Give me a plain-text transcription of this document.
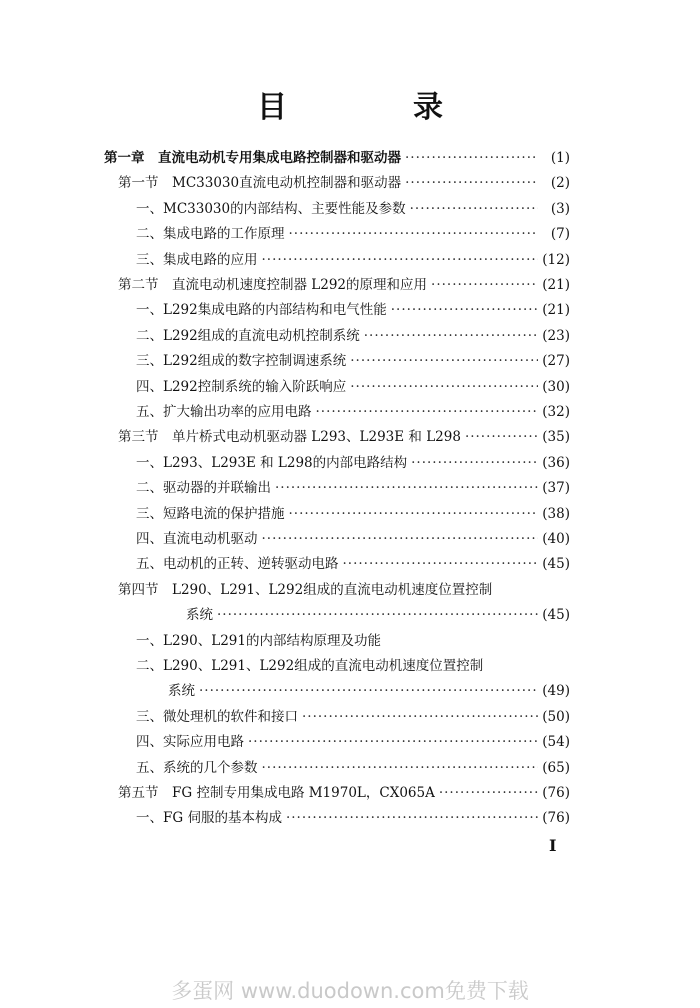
目　录
第一章　直流电动机专用集成电路控制器和驱动器 ·····	(1)
第一节　MC33030直流电动机控制器和驱动器 ·····	(2)
一、MC33030的内部结构、主要性能及参数 ·····	(3)
二、集成电路的工作原理 ·····	(7)
三、集成电路的应用 ·····	(12)
第二节　直流电动机速度控制器 L292的原理和应用 ·····	(21)
一、L292集成电路的内部结构和电气性能 ·····	(21)
二、L292组成的直流电动机控制系统 ·····	(23)
三、L292组成的数字控制调速系统 ·····	(27)
四、L292控制系统的输入阶跃响应 ·····	(30)
五、扩大输出功率的应用电路 ·····	(32)
第三节　单片桥式电动机驱动器 L293、L293E 和 L298 ·····	(35)
一、L293、L293E 和 L298的内部电路结构 ·····	(36)
二、驱动器的并联输出 ·····	(37)
三、短路电流的保护措施 ·····	(38)
四、直流电动机驱动 ·····	(40)
五、电动机的正转、逆转驱动电路 ·····	(45)
第四节　L290、L291、L292组成的直流电动机速度位置控制
系统 ·····	(45)
一、L290、L291的内部结构原理及功能
二、L290、L291、L292组成的直流电动机速度位置控制
系统 ·····	(49)
三、微处理机的软件和接口 ·····	(50)
四、实际应用电路 ·····	(54)
五、系统的几个参数 ·····	(65)
第五节　FG 控制专用集成电路 M1970L，CX065A ·····	(76)
一、FG 伺服的基本构成 ·····	(76)
I
多蛋网 www.duodown.com免费下载
